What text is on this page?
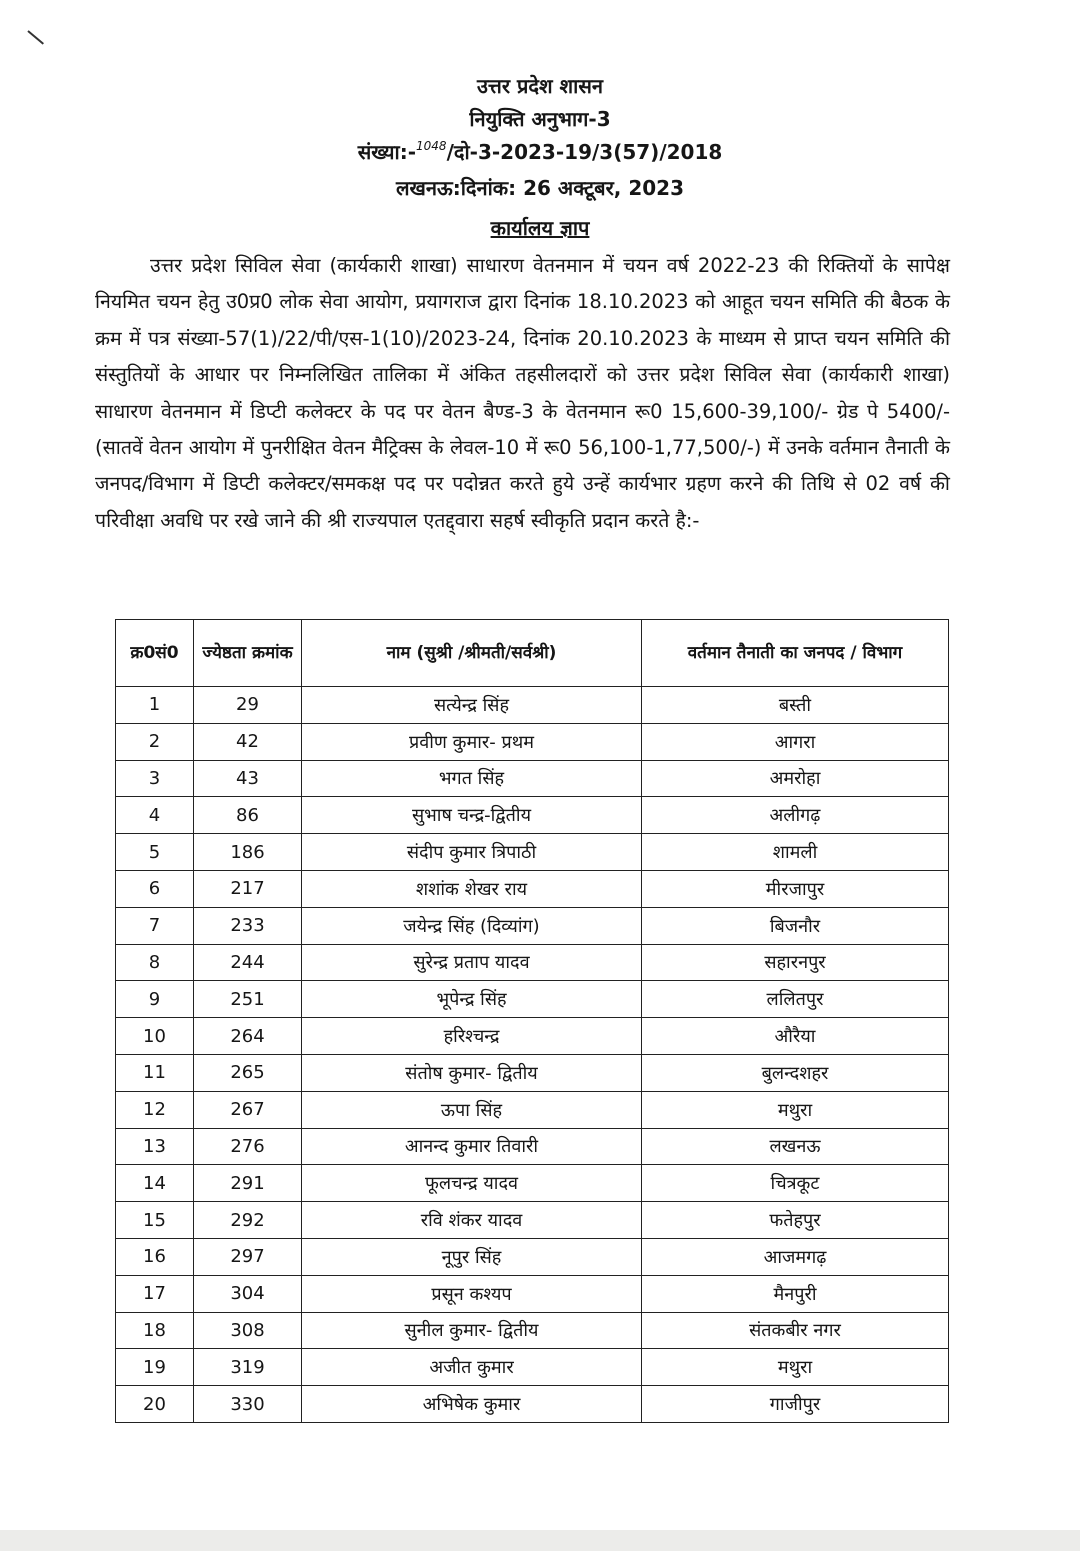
उत्तर प्रदेश शासन
नियुक्ति अनुभाग-3
संख्या:-$^{1048}$/दो-3-2023-19/3(57)/2018
लखनऊ:दिनांक: 26 अक्टूबर, 2023
कार्यालय ज्ञाप
उत्तर प्रदेश सिविल सेवा (कार्यकारी शाखा) साधारण वेतनमान में चयन वर्ष 2022-23 की रिक्तियों के सापेक्ष नियमित चयन हेतु उ0प्र0 लोक सेवा आयोग, प्रयागराज द्वारा दिनांक 18.10.2023 को आहूत चयन समिति की बैठक के क्रम में पत्र संख्या-57(1)/22/पी/एस-1(10)/2023-24, दिनांक 20.10.2023 के माध्यम से प्राप्त चयन समिति की संस्तुतियों के आधार पर निम्नलिखित तालिका में अंकित तहसीलदारों को उत्तर प्रदेश सिविल सेवा (कार्यकारी शाखा) साधारण वेतनमान में डिप्टी कलेक्टर के पद पर वेतन बैण्ड-3 के वेतनमान रू0 15,600-39,100/- ग्रेड पे 5400/- (सातवें वेतन आयोग में पुनरीक्षित वेतन मैट्रिक्स के लेवल-10 में रू0 56,100-1,77,500/-) में उनके वर्तमान तैनाती के जनपद/विभाग में डिप्टी कलेक्टर/समकक्ष पद पर पदोन्नत करते हुये उन्हें कार्यभार ग्रहण करने की तिथि से 02 वर्ष की परिवीक्षा अवधि पर रखे जाने की श्री राज्यपाल एतद्द्वारा सहर्ष स्वीकृति प्रदान करते है:-
क्र0सं0	ज्येष्ठता क्रमांक	नाम (सुश्री /श्रीमती/सर्वश्री)	वर्तमान तैनाती का जनपद / विभाग
1	29	सत्येन्द्र सिंह	बस्ती
2	42	प्रवीण कुमार- प्रथम	आगरा
3	43	भगत सिंह	अमरोहा
4	86	सुभाष चन्द्र-द्वितीय	अलीगढ़
5	186	संदीप कुमार त्रिपाठी	शामली
6	217	शशांक शेखर राय	मीरजापुर
7	233	जयेन्द्र सिंह (दिव्यांग)	बिजनौर
8	244	सुरेन्द्र प्रताप यादव	सहारनपुर
9	251	भूपेन्द्र सिंह	ललितपुर
10	264	हरिश्चन्द्र	औरैया
11	265	संतोष कुमार- द्वितीय	बुलन्दशहर
12	267	ऊपा सिंह	मथुरा
13	276	आनन्द कुमार तिवारी	लखनऊ
14	291	फूलचन्द्र यादव	चित्रकूट
15	292	रवि शंकर यादव	फतेहपुर
16	297	नूपुर सिंह	आजमगढ़
17	304	प्रसून कश्यप	मैनपुरी
18	308	सुनील कुमार- द्वितीय	संतकबीर नगर
19	319	अजीत कुमार	मथुरा
20	330	अभिषेक कुमार	गाजीपुर
